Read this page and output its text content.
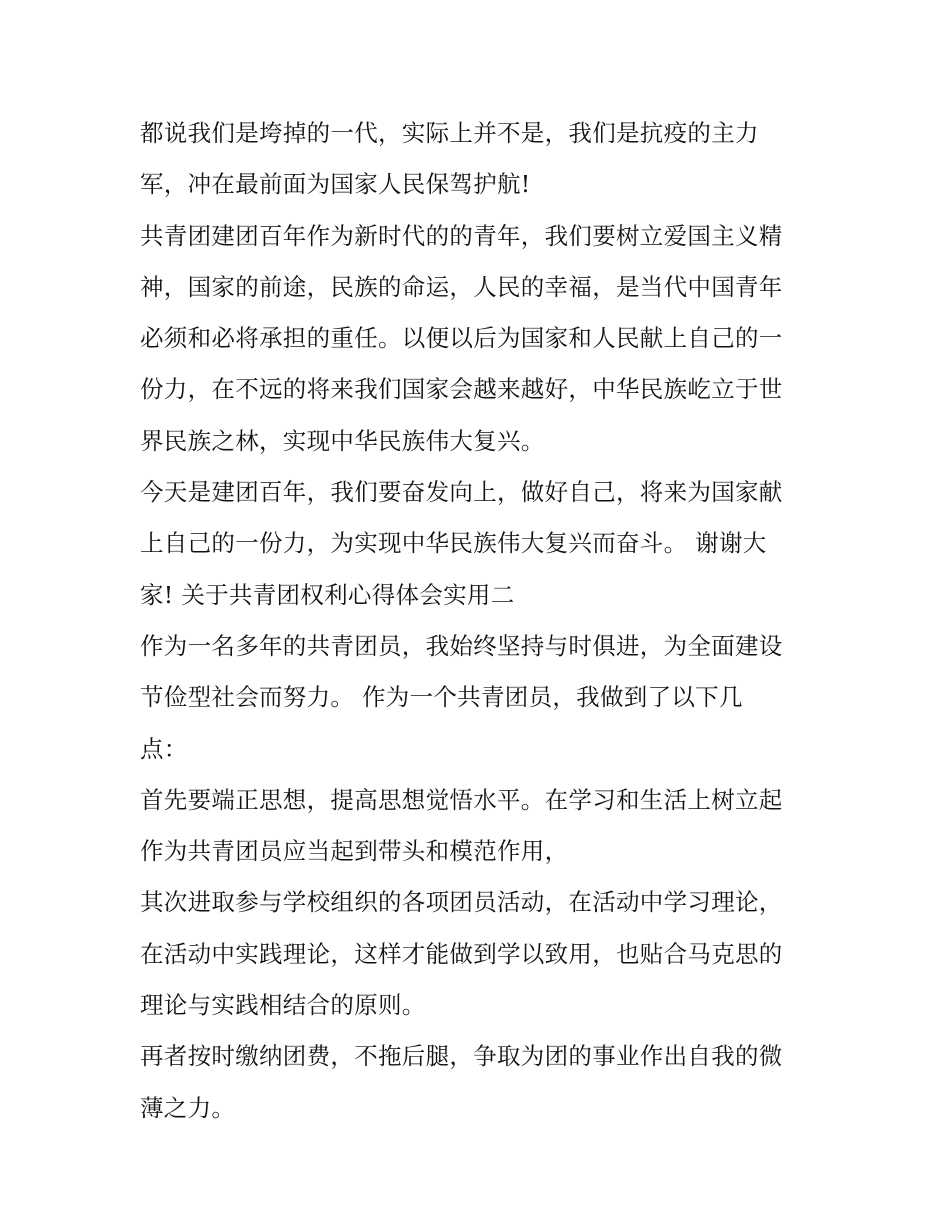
都说我们是垮掉的一代，实际上并不是，我们是抗疫的主力
军，冲在最前面为国家人民保驾护航!
共青团建团百年作为新时代的的青年，我们要树立爱国主义精
神，国家的前途，民族的命运，人民的幸福，是当代中国青年
必须和必将承担的重任。以便以后为国家和人民献上自己的一
份力，在不远的将来我们国家会越来越好，中华民族屹立于世
界民族之林，实现中华民族伟大复兴。
今天是建团百年，我们要奋发向上，做好自己，将来为国家献
上自己的一份力，为实现中华民族伟大复兴而奋斗。 谢谢大
家! 关于共青团权利心得体会实用二
作为一名多年的共青团员，我始终坚持与时俱进，为全面建设
节俭型社会而努力。 作为一个共青团员，我做到了以下几
点：
首先要端正思想，提高思想觉悟水平。在学习和生活上树立起
作为共青团员应当起到带头和模范作用，
其次进取参与学校组织的各项团员活动，在活动中学习理论，
在活动中实践理论，这样才能做到学以致用，也贴合马克思的
理论与实践相结合的原则。
再者按时缴纳团费，不拖后腿，争取为团的事业作出自我的微
薄之力。
